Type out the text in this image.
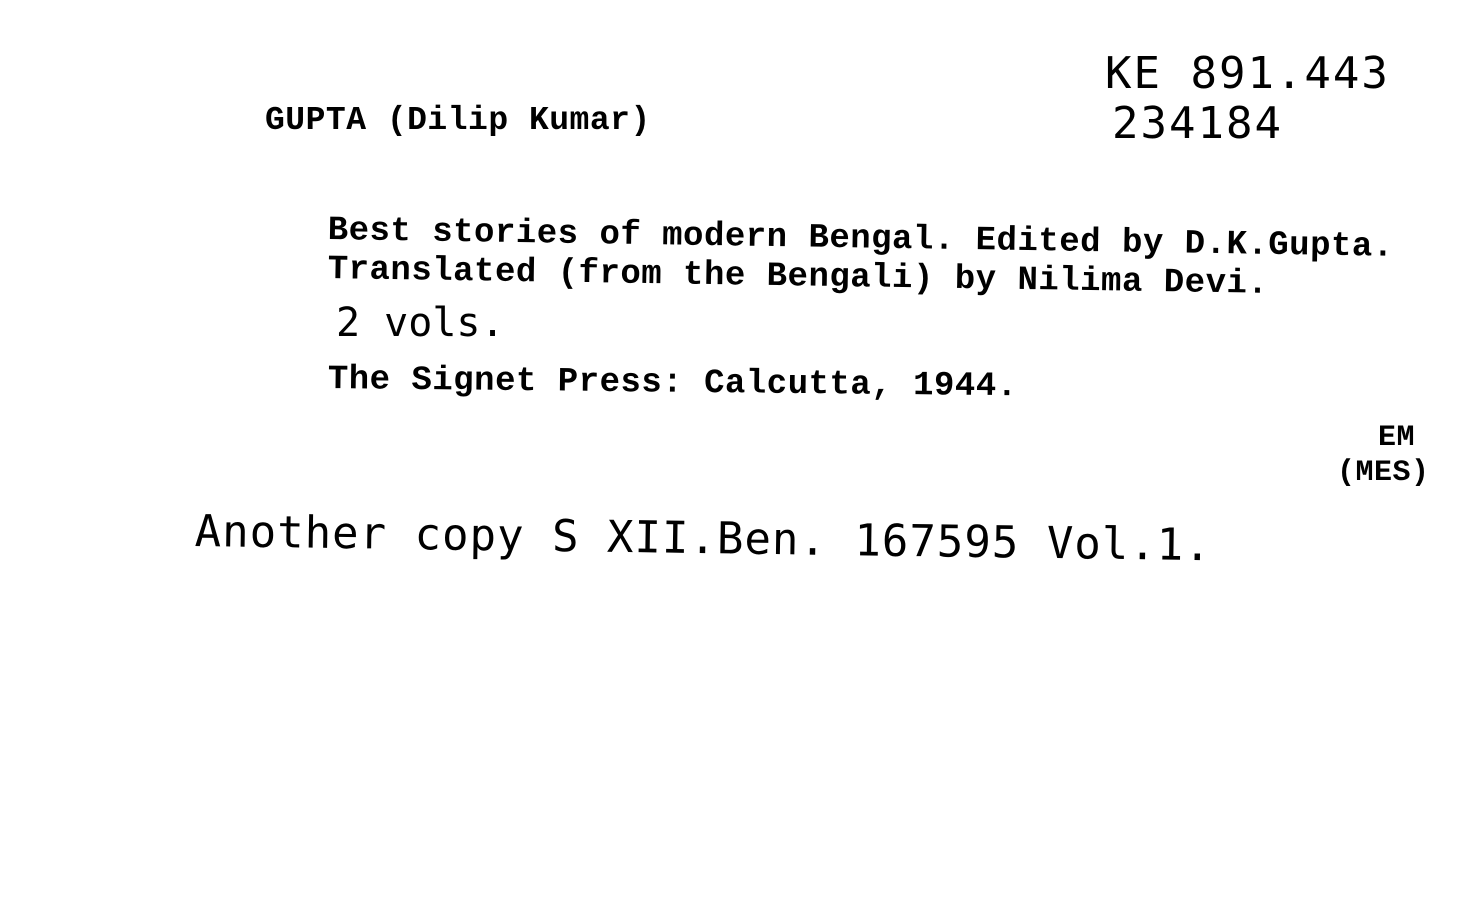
GUPTA (Dilip Kumar)

KE 891.443

234184

Best stories of modern Bengal. Edited by D.K.Gupta.

Translated (from the Bengali) by Nilima Devi.

2 vols.

The Signet Press: Calcutta, 1944.

EM

(MES)

Another copy S XII.Ben. 167595 Vol.1.
